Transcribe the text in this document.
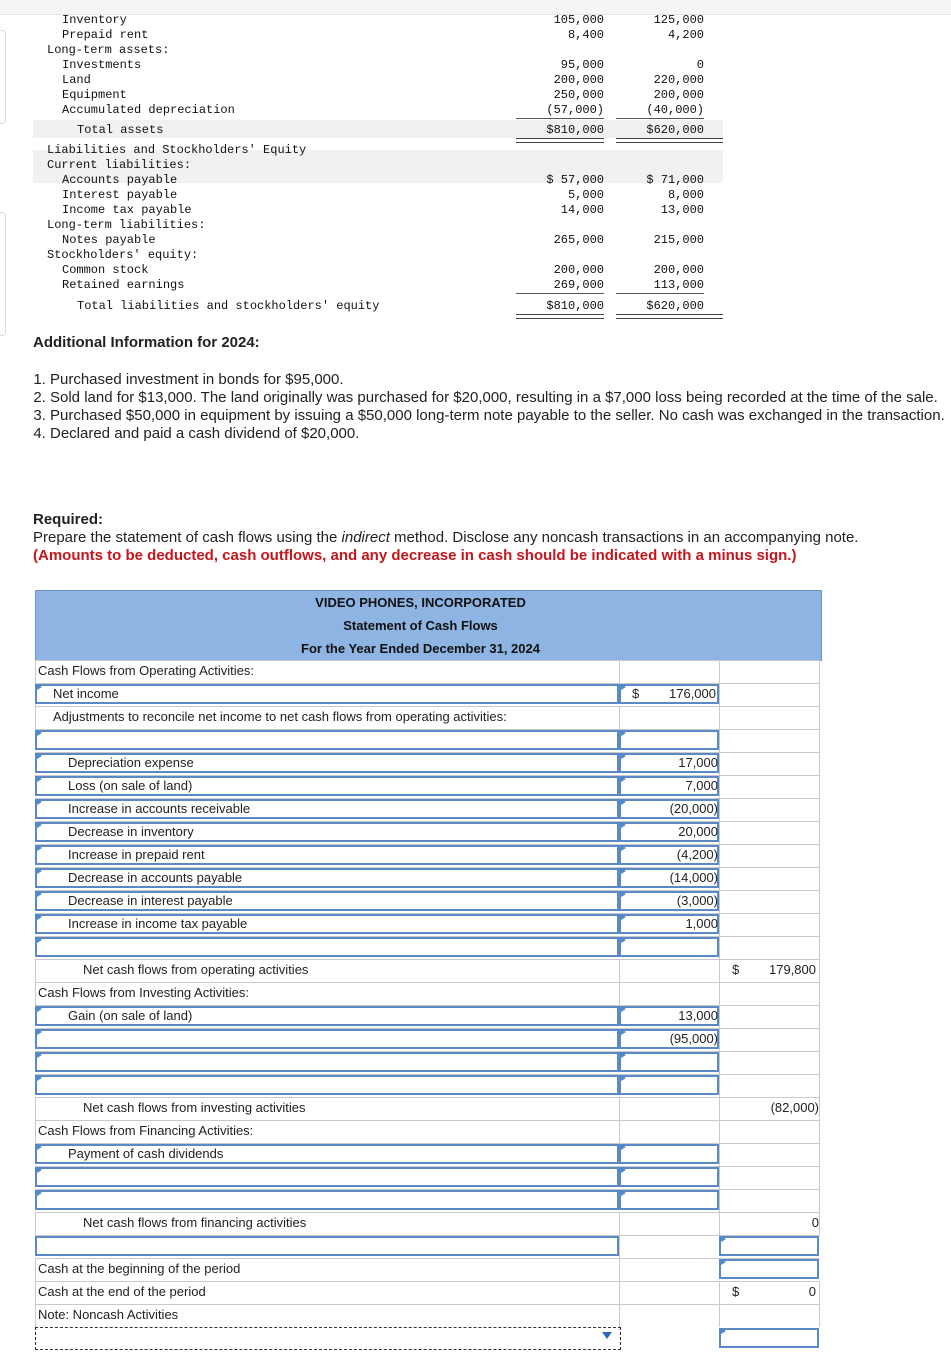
Inventory	105,000	125,000
Prepaid rent	8,400	4,200
Long-term assets:
Investments	95,000	0
Land	200,000	220,000
Equipment	250,000	200,000
Accumulated depreciation	(57,000)	(40,000)
Total assets	$810,000	$620,000
Liabilities and Stockholders' Equity
Current liabilities:
Accounts payable	$ 57,000	$ 71,000
Interest payable	5,000	8,000
Income tax payable	14,000	13,000
Long-term liabilities:
Notes payable	265,000	215,000
Stockholders' equity:
Common stock	200,000	200,000
Retained earnings	269,000	113,000
Total liabilities and stockholders' equity	$810,000	$620,000
Additional Information for 2024:
1. Purchased investment in bonds for $95,000.
2. Sold land for $13,000. The land originally was purchased for $20,000, resulting in a $7,000 loss being recorded at the time of the sale.
3. Purchased $50,000 in equipment by issuing a $50,000 long-term note payable to the seller. No cash was exchanged in the transaction.
4. Declared and paid a cash dividend of $20,000.
Required:
Prepare the statement of cash flows using the indirect method. Disclose any noncash transactions in an accompanying note.
(Amounts to be deducted, cash outflows, and any decrease in cash should be indicated with a minus sign.)
VIDEO PHONES, INCORPORATED
Statement of Cash Flows
For the Year Ended December 31, 2024
Cash Flows from Operating Activities:
Net income	$ 176,000
Adjustments to reconcile net income to net cash flows from operating activities:
Depreciation expense	17,000
Loss (on sale of land)	7,000
Increase in accounts receivable	(20,000)
Decrease in inventory	20,000
Increase in prepaid rent	(4,200)
Decrease in accounts payable	(14,000)
Decrease in interest payable	(3,000)
Increase in income tax payable	1,000
Net cash flows from operating activities	$ 179,800
Cash Flows from Investing Activities:
Gain (on sale of land)	13,000
(95,000)
Net cash flows from investing activities	(82,000)
Cash Flows from Financing Activities:
Payment of cash dividends
Net cash flows from financing activities	0
Cash at the beginning of the period
Cash at the end of the period	$	0
Note: Noncash Activities
